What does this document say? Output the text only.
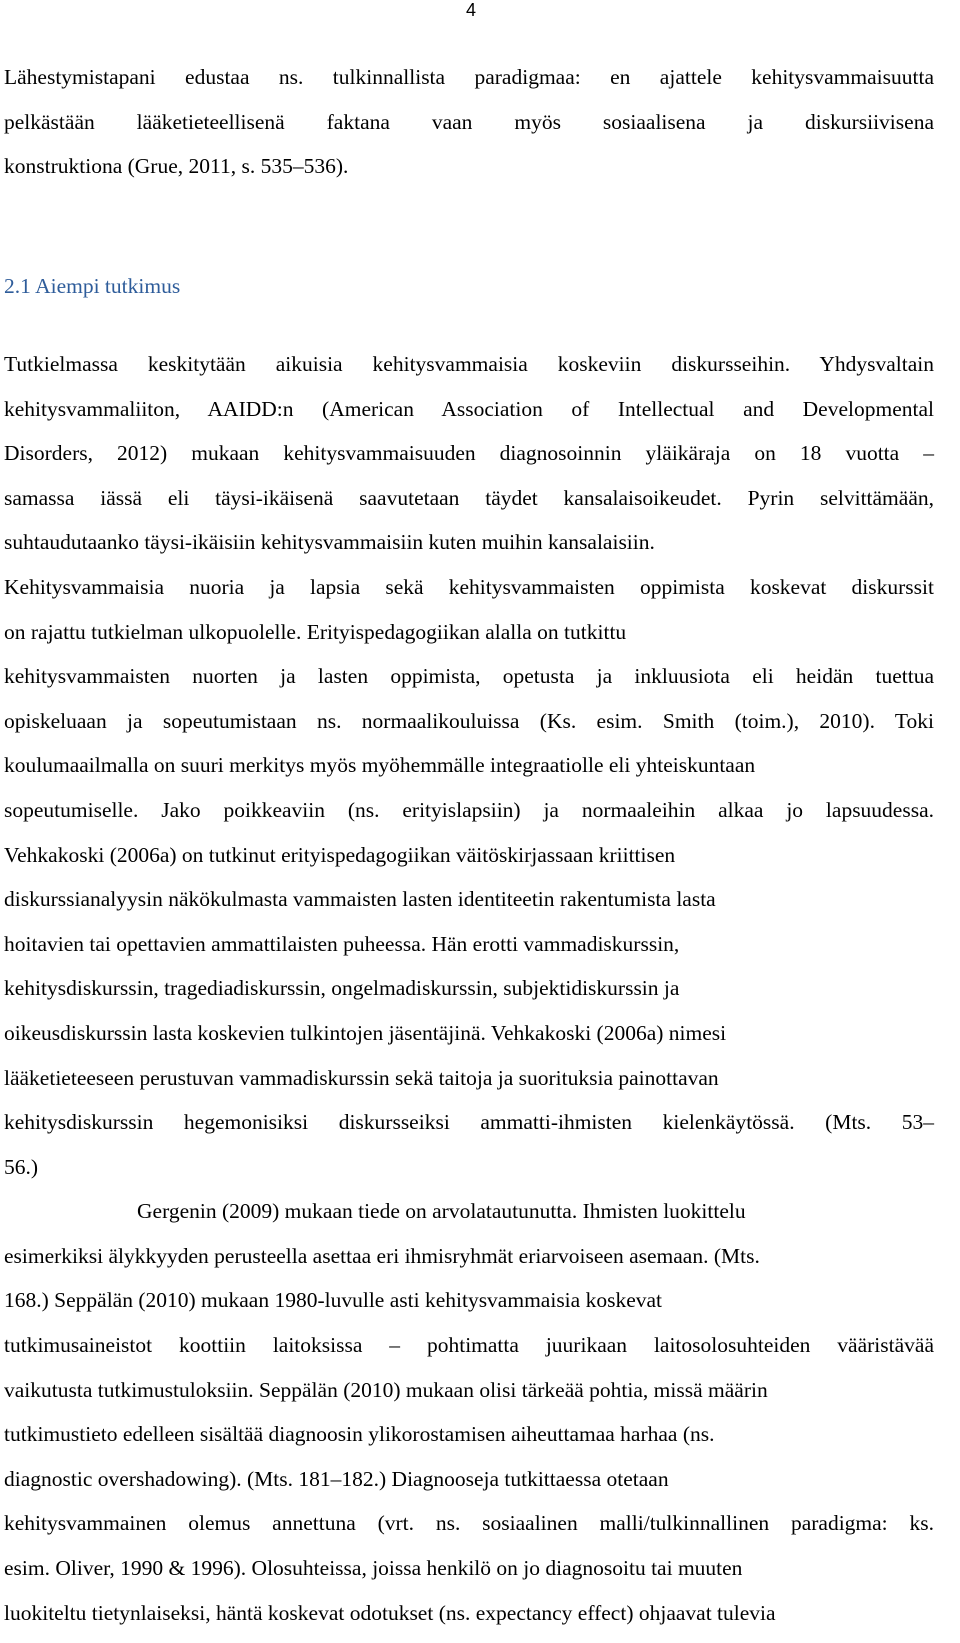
4
Lähestymistapani edustaa ns. tulkinnallista paradigmaa: en ajattele kehitysvammaisuutta
pelkästään lääketieteellisenä faktana vaan myös sosiaalisena ja diskursiivisena
konstruktiona (Grue, 2011, s. 535–536).
2.1 Aiempi tutkimus
Tutkielmassa keskitytään aikuisia kehitysvammaisia koskeviin diskursseihin. Yhdysvaltain
kehitysvammaliiton, AAIDD:n (American Association of Intellectual and Developmental
Disorders, 2012) mukaan kehitysvammaisuuden diagnosoinnin yläikäraja on 18 vuotta –
samassa iässä eli täysi-ikäisenä saavutetaan täydet kansalaisoikeudet. Pyrin selvittämään,
suhtaudutaanko täysi-ikäisiin kehitysvammaisiin kuten muihin kansalaisiin.
Kehitysvammaisia nuoria ja lapsia sekä kehitysvammaisten oppimista koskevat diskurssit
on rajattu tutkielman ulkopuolelle. Erityispedagogiikan alalla on tutkittu
kehitysvammaisten nuorten ja lasten oppimista, opetusta ja inkluusiota eli heidän tuettua
opiskeluaan ja sopeutumistaan ns. normaalikouluissa (Ks. esim. Smith (toim.), 2010). Toki
koulumaailmalla on suuri merkitys myös myöhemmälle integraatiolle eli yhteiskuntaan
sopeutumiselle. Jako poikkeaviin (ns. erityislapsiin) ja normaaleihin alkaa jo lapsuudessa.
Vehkakoski (2006a) on tutkinut erityispedagogiikan väitöskirjassaan kriittisen
diskurssianalyysin näkökulmasta vammaisten lasten identiteetin rakentumista lasta
hoitavien tai opettavien ammattilaisten puheessa. Hän erotti vammadiskurssin,
kehitysdiskurssin, tragediadiskurssin, ongelmadiskurssin, subjektidiskurssin ja
oikeusdiskurssin lasta koskevien tulkintojen jäsentäjinä. Vehkakoski (2006a) nimesi
lääketieteeseen perustuvan vammadiskurssin sekä taitoja ja suorituksia painottavan
kehitysdiskurssin hegemonisiksi diskursseiksi ammatti-ihmisten kielenkäytössä. (Mts. 53–
56.)
Gergenin (2009) mukaan tiede on arvolatautunutta. Ihmisten luokittelu
esimerkiksi älykkyyden perusteella asettaa eri ihmisryhmät eriarvoiseen asemaan. (Mts.
168.) Seppälän (2010) mukaan 1980-luvulle asti kehitysvammaisia koskevat
tutkimusaineistot koottiin laitoksissa – pohtimatta juurikaan laitosolosuhteiden vääristävää
vaikutusta tutkimustuloksiin. Seppälän (2010) mukaan olisi tärkeää pohtia, missä määrin
tutkimustieto edelleen sisältää diagnoosin ylikorostamisen aiheuttamaa harhaa (ns.
diagnostic overshadowing). (Mts. 181–182.) Diagnooseja tutkittaessa otetaan
kehitysvammainen olemus annettuna (vrt. ns. sosiaalinen malli/tulkinnallinen paradigma: ks.
esim. Oliver, 1990 & 1996). Olosuhteissa, joissa henkilö on jo diagnosoitu tai muuten
luokiteltu tietynlaiseksi, häntä koskevat odotukset (ns. expectancy effect) ohjaavat tulevia
